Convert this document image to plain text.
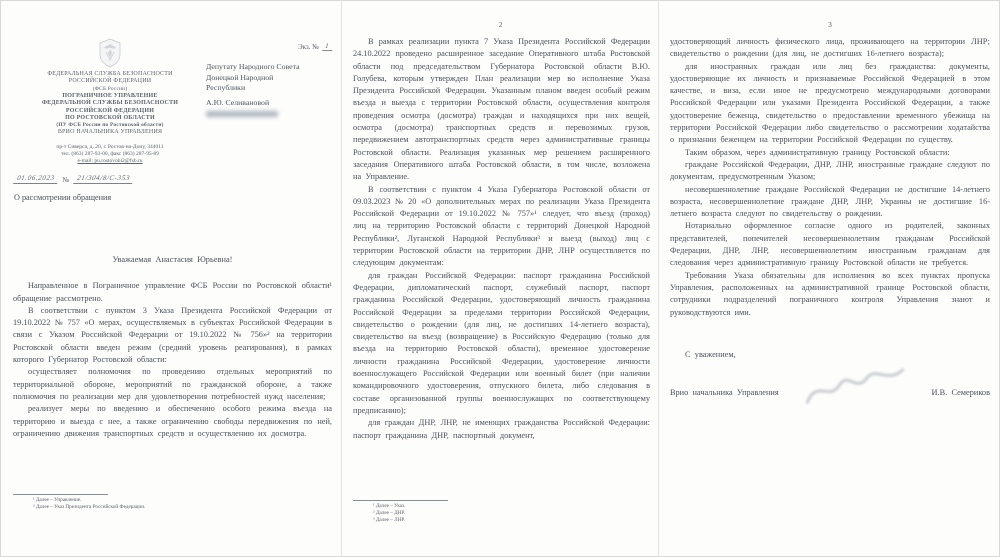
ФЕДЕРАЛЬНАЯ СЛУЖБА БЕЗОПАСНОСТИ
РОССИЙСКОЙ ФЕДЕРАЦИИ
(ФСБ России)
ПОГРАНИЧНОЕ УПРАВЛЕНИЕ
ФЕДЕРАЛЬНОЙ СЛУЖБЫ БЕЗОПАСНОСТИ
РОССИЙСКОЙ ФЕДЕРАЦИИ
ПО РОСТОВСКОЙ ОБЛАСТИ
(ПУ ФСБ России по Ростовской области)
ВРИО НАЧАЛЬНИКА УПРАВЛЕНИЯ
пр-т Сиверса, д. 20, г. Ростов-на-Дону, 344011
тел. (863) 287-93-00, факс (863) 287-95-89
e-mail: pu.rostovobl2@fsb.ru
01.06.2023	№	21/304/8/С-353
О рассмотрении обращения
Экз. № 1
Депутату Народного Совета
Донецкой Народной
Республики
А.Ю. Селивановой

Уважаемая Анастасия Юрьевна!

Направленное в Пограничное управление ФСБ России по Ростовской области¹ обращение рассмотрено.

В соответствии с пунктом 3 Указа Президента Российской Федерации от 19.10.2022 № 757 «О мерах, осуществляемых в субъектах Российской Федерации в связи с Указом Российской Федерации от 19.10.2022 № 756»² на территории Ростовской области введен режим (средний уровень реагирования), в рамках которого Губернатор Ростовской области:

осуществляет полномочия по проведению отдельных мероприятий по территориальной обороне, мероприятий по гражданской обороне, а также полномочия по реализации мер для удовлетворения потребностей нужд населения;

реализует меры по введению и обеспечению особого режима въезда на территорию и выезда с нее, а также ограничению свободы передвижения по ней, ограничению движения транспортных средств и осуществлению их досмотра.

¹ Далее – Управление.
² Далее – Указ Президента Российской Федерации.
2

В рамках реализации пункта 7 Указа Президента Российской Федерации 24.10.2022 проведено расширенное заседание Оперативного штаба Ростовской области под председательством Губернатора Ростовской области В.Ю. Голубева, которым утвержден План реализации мер во исполнение Указа Президента Российской Федерации. Указанным планом введен особый режим въезда и выезда с территории Ростовской области, осуществления контроля проведения осмотра (досмотра) граждан и находящихся при них вещей, осмотра (досмотра) транспортных средств и перевозимых грузов, передвижением автотранспортных средств через административные границы Ростовской области. Реализация указанных мер решением расширенного заседания Оперативного штаба Ростовской области, в том числе, возложена на Управление.

В соответствии с пунктом 4 Указа Губернатора Ростовской области от 09.03.2023 № 20 «О дополнительных мерах по реализации Указа Президента Российской Федерации от 19.10.2022 № 757»¹ следует, что въезд (проход) лиц на территорию Ростовской области с территорий Донецкой Народной Республики², Луганской Народной Республики³ и выезд (выход) лиц с территории Ростовской области на территории ДНР, ЛНР осуществляется по следующим документам:

для граждан Российской Федерации: паспорт гражданина Российской Федерации, дипломатический паспорт, служебный паспорт, паспорт гражданина Российской Федерации, удостоверяющий личность гражданина Российской Федерации за пределами территории Российской Федерации, свидетельство о рождении (для лиц, не достигших 14-летнего возраста), свидетельство на въезд (возвращение) в Российскую Федерацию (только для въезда на территорию Ростовской области), временное удостоверение личности гражданина Российской Федерации, удостоверение личности военнослужащего Российской Федерации или военный билет (при наличии командировочного удостоверения, отпускного билета, либо следования в составе организованной группы военнослужащих по соответствующему предписанию);

для граждан ДНР, ЛНР, не имеющих гражданства Российской Федерации: паспорт гражданина ДНР, паспортный документ,

¹ Далее – Указ.
² Далее – ДНР.
³ Далее – ЛНР.
3

удостоверяющий личность физического лица, проживающего на территории ЛНР; свидетельство о рождении (для лиц, не достигших 16-летнего возраста);

для иностранных граждан или лиц без гражданства: документы, удостоверяющие их личность и признаваемые Российской Федерацией в этом качестве, и виза, если иное не предусмотрено международными договорами Российской Федерации или указами Президента Российской Федерации, а также удостоверение беженца, свидетельство о предоставлении временного убежища на территории Российской Федерации либо свидетельство о рассмотрении ходатайства о признании беженцем на территории Российской Федерации по существу.

Таким образом, через административную границу Ростовской области:

граждане Российской Федерации, ДНР, ЛНР, иностранные граждане следуют по документам, предусмотренным Указом;

несовершеннолетние граждане Российской Федерации не достигшие 14-летнего возраста, несовершеннолетние граждане ДНР, ЛНР, Украины не достигшие 16-летнего возраста следуют по свидетельству о рождении.

Нотариально оформленное согласие одного из родителей, законных представителей, попечителей несовершеннолетним гражданам Российской Федерации, ДНР, ЛНР, несовершеннолетним иностранным гражданам для следования через административную границу Ростовской области не требуется.

Требования Указа обязательны для исполнения во всех пунктах пропуска Управления, расположенных на административной границе Ростовской области, сотрудники подразделений пограничного контроля Управления знают и руководствуются ими.

С уважением,

Врио начальника Управления	И.В. Семериков
